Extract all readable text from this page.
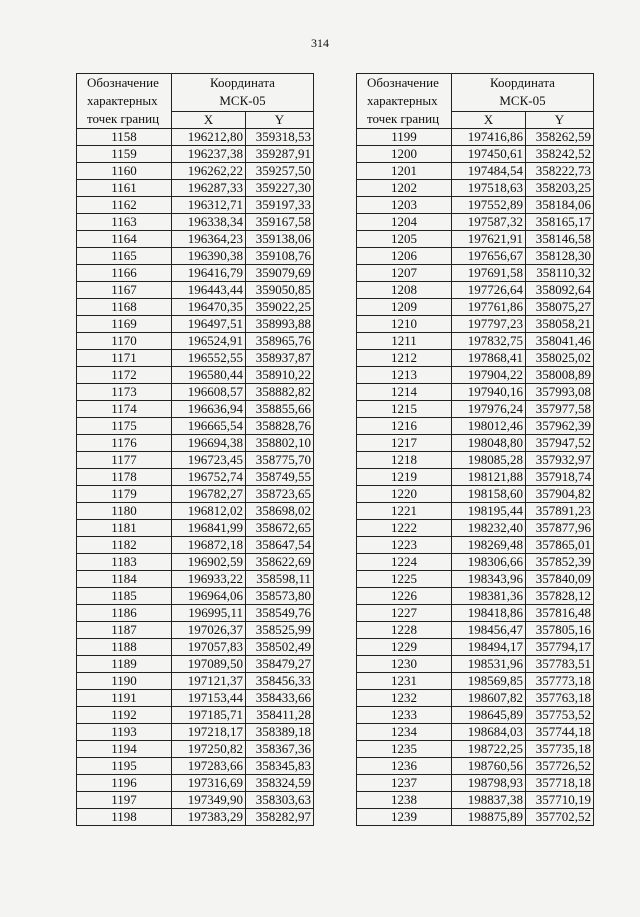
314
Обозначение
характерных
точек границ	Координата
МСК-05	
	X	Y
1158	196212,80	359318,53
1159	196237,38	359287,91
1160	196262,22	359257,50
1161	196287,33	359227,30
1162	196312,71	359197,33
1163	196338,34	359167,58
1164	196364,23	359138,06
1165	196390,38	359108,76
1166	196416,79	359079,69
1167	196443,44	359050,85
1168	196470,35	359022,25
1169	196497,51	358993,88
1170	196524,91	358965,76
1171	196552,55	358937,87
1172	196580,44	358910,22
1173	196608,57	358882,82
1174	196636,94	358855,66
1175	196665,54	358828,76
1176	196694,38	358802,10
1177	196723,45	358775,70
1178	196752,74	358749,55
1179	196782,27	358723,65
1180	196812,02	358698,02
1181	196841,99	358672,65
1182	196872,18	358647,54
1183	196902,59	358622,69
1184	196933,22	358598,11
1185	196964,06	358573,80
1186	196995,11	358549,76
1187	197026,37	358525,99
1188	197057,83	358502,49
1189	197089,50	358479,27
1190	197121,37	358456,33
1191	197153,44	358433,66
1192	197185,71	358411,28
1193	197218,17	358389,18
1194	197250,82	358367,36
1195	197283,66	358345,83
1196	197316,69	358324,59
1197	197349,90	358303,63
1198	197383,29	358282,97
Обозначение
характерных
точек границ	Координата
МСК-05	
	X	Y
1199	197416,86	358262,59
1200	197450,61	358242,52
1201	197484,54	358222,73
1202	197518,63	358203,25
1203	197552,89	358184,06
1204	197587,32	358165,17
1205	197621,91	358146,58
1206	197656,67	358128,30
1207	197691,58	358110,32
1208	197726,64	358092,64
1209	197761,86	358075,27
1210	197797,23	358058,21
1211	197832,75	358041,46
1212	197868,41	358025,02
1213	197904,22	358008,89
1214	197940,16	357993,08
1215	197976,24	357977,58
1216	198012,46	357962,39
1217	198048,80	357947,52
1218	198085,28	357932,97
1219	198121,88	357918,74
1220	198158,60	357904,82
1221	198195,44	357891,23
1222	198232,40	357877,96
1223	198269,48	357865,01
1224	198306,66	357852,39
1225	198343,96	357840,09
1226	198381,36	357828,12
1227	198418,86	357816,48
1228	198456,47	357805,16
1229	198494,17	357794,17
1230	198531,96	357783,51
1231	198569,85	357773,18
1232	198607,82	357763,18
1233	198645,89	357753,52
1234	198684,03	357744,18
1235	198722,25	357735,18
1236	198760,56	357726,52
1237	198798,93	357718,18
1238	198837,38	357710,19
1239	198875,89	357702,52
